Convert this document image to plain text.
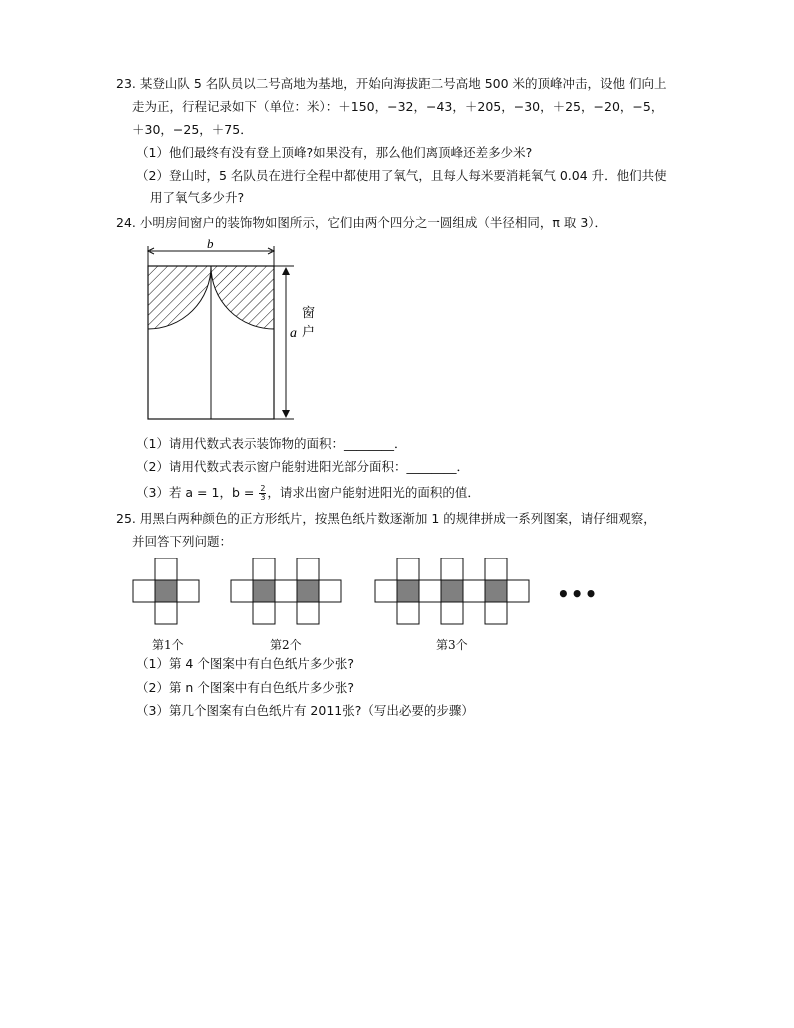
23. 某登山队 5 名队员以二号高地为基地，开始向海拔距二号高地 500 米的顶峰冲击，设他 们向上
走为正，行程记录如下（单位：米）：＋150，−32，−43，＋205，−30，＋25，−20，−5，
＋30，−25，＋75．
（1）他们最终有没有登上顶峰?如果没有，那么他们离顶峰还差多少米?
（2）登山时，5 名队员在进行全程中都使用了氧气，且每人每米要消耗氧气 0.04 升．他们共使
用了氧气多少升?
24. 小明房间窗户的装饰物如图所示，它们由两个四分之一圆组成（半径相同，π 取 3）．
b
a
窗
户
（1）请用代数式表示装饰物的面积：________．
（2）请用代数式表示窗户能射进阳光部分面积：________．
（3）若 a = 1，$b = \frac{2}{3}$ ，请求出窗户能射进阳光的面积的值．
25. 用黑白两种颜色的正方形纸片，按黑色纸片数逐渐加 1 的规律拼成一系列图案，请仔细观察，
并回答下列问题：
•••
第1个	第2个	第3个
（1）第 4 个图案中有白色纸片多少张?
（2）第 n 个图案中有白色纸片多少张?
（3）第几个图案有白色纸片有 2011张?（写出必要的步骤）
